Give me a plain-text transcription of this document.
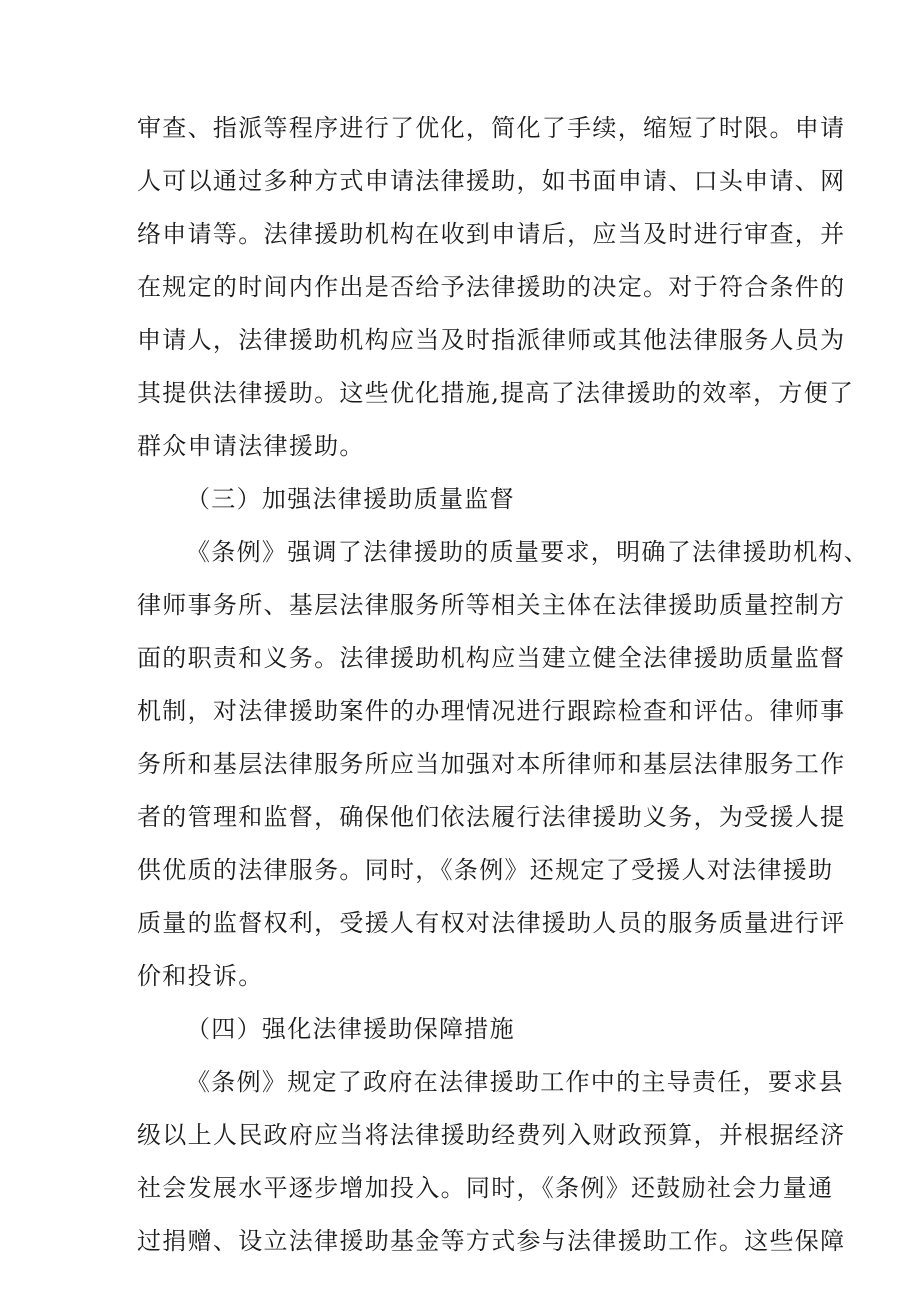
审查、指派等程序进行了优化，简化了手续，缩短了时限。申请
人可以通过多种方式申请法律援助，如书面申请、口头申请、网
络申请等。法律援助机构在收到申请后，应当及时进行审查，并
在规定的时间内作出是否给予法律援助的决定。对于符合条件的
申请人，法律援助机构应当及时指派律师或其他法律服务人员为
其提供法律援助。这些优化措施,提高了法律援助的效率，方便了
群众申请法律援助。
（三）加强法律援助质量监督
《条例》强调了法律援助的质量要求，明确了法律援助机构、
律师事务所、基层法律服务所等相关主体在法律援助质量控制方
面的职责和义务。法律援助机构应当建立健全法律援助质量监督
机制，对法律援助案件的办理情况进行跟踪检查和评估。律师事
务所和基层法律服务所应当加强对本所律师和基层法律服务工作
者的管理和监督，确保他们依法履行法律援助义务，为受援人提
供优质的法律服务。同时，《条例》还规定了受援人对法律援助
质量的监督权利，受援人有权对法律援助人员的服务质量进行评
价和投诉。
（四）强化法律援助保障措施
《条例》规定了政府在法律援助工作中的主导责任，要求县
级以上人民政府应当将法律援助经费列入财政预算，并根据经济
社会发展水平逐步增加投入。同时，《条例》还鼓励社会力量通
过捐赠、设立法律援助基金等方式参与法律援助工作。这些保障
